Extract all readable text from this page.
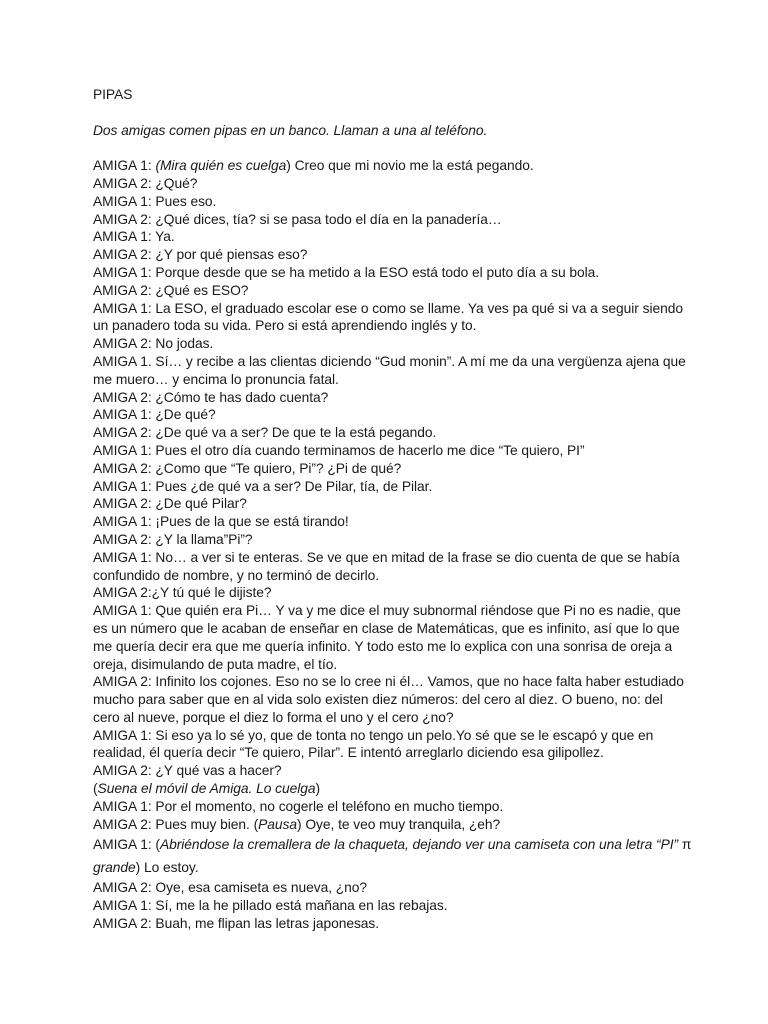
PIPAS

Dos amigas comen pipas en un banco. Llaman a una al teléfono.

AMIGA 1: (Mira quién es cuelga) Creo que mi novio me la está pegando.

AMIGA 2: ¿Qué?

AMIGA 1: Pues eso.

AMIGA 2: ¿Qué dices, tía? si se pasa todo el día en la panadería…

AMIGA 1: Ya.

AMIGA 2: ¿Y por qué piensas eso?

AMIGA 1: Porque desde que se ha metido a la ESO está todo el puto día a su bola.

AMIGA 2: ¿Qué es ESO?

AMIGA 1: La ESO, el graduado escolar ese o como se llame. Ya ves pa qué si va a seguir siendo un panadero toda su vida. Pero si está aprendiendo inglés y to.

AMIGA 2: No jodas.

AMIGA 1. Sí… y recibe a las clientas diciendo “Gud monin”. A mí me da una vergüenza ajena que me muero… y encima lo pronuncia fatal.

AMIGA 2: ¿Cómo te has dado cuenta?

AMIGA 1: ¿De qué?

AMIGA 2: ¿De qué va a ser? De que te la está pegando.

AMIGA 1: Pues el otro día cuando terminamos de hacerlo me dice “Te quiero, PI”

AMIGA 2: ¿Como que “Te quiero, Pi”? ¿Pi de qué?

AMIGA 1: Pues ¿de qué va a ser? De Pilar, tía, de Pilar.

AMIGA 2: ¿De qué Pilar?

AMIGA 1: ¡Pues de la que se está tirando!

AMIGA 2: ¿Y la llama”Pi”?

AMIGA 1: No… a ver si te enteras. Se ve que en mitad de la frase se dio cuenta de que se había confundido de nombre, y no terminó de decirlo.

AMIGA 2:¿Y tú qué le dijiste?

AMIGA 1: Que quién era Pi… Y va y me dice el muy subnormal riéndose que Pi no es nadie, que es un número que le acaban de enseñar en clase de Matemáticas, que es infinito, así que lo que me quería decir era que me quería infinito. Y todo esto me lo explica con una sonrisa de oreja a oreja, disimulando de puta madre, el tío.

AMIGA 2: Infinito los cojones. Eso no se lo cree ni él… Vamos, que no hace falta haber estudiado mucho para saber que en al vida solo existen diez números: del cero al diez. O bueno, no: del cero al nueve, porque el diez lo forma el uno y el cero ¿no?

AMIGA 1: Si eso ya lo sé yo, que de tonta no tengo un pelo.Yo sé que se le escapó y que en realidad, él quería decir “Te quiero, Pilar”. E intentó arreglarlo diciendo esa gilipollez.

AMIGA 2: ¿Y qué vas a hacer?

(Suena el móvil de Amiga. Lo cuelga)

AMIGA 1: Por el momento, no cogerle el teléfono en mucho tiempo.

AMIGA 2: Pues muy bien. (Pausa) Oye, te veo muy tranquila, ¿eh?

AMIGA 1: (Abriéndose la cremallera de la chaqueta, dejando ver una camiseta con una letra “PI” π grande) Lo estoy.

AMIGA 2: Oye, esa camiseta es nueva, ¿no?

AMIGA 1: Sí, me la he pillado está mañana en las rebajas.

AMIGA 2: Buah, me flipan las letras japonesas.
